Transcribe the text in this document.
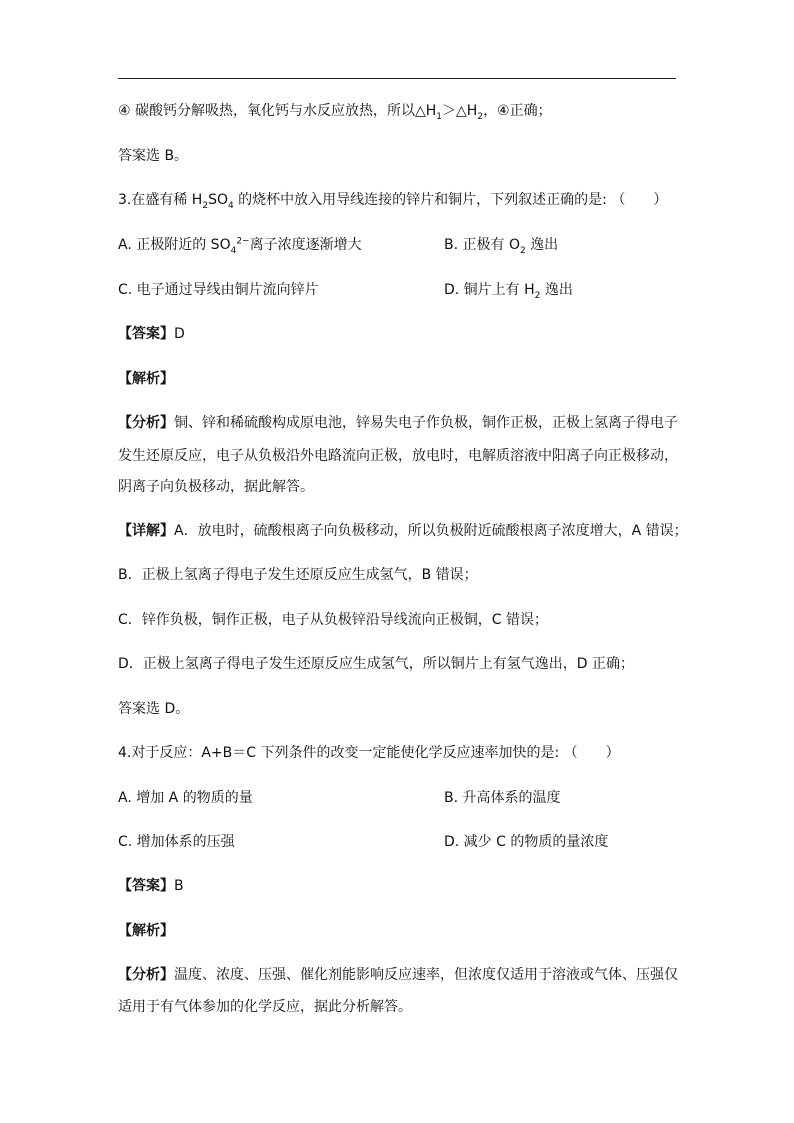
④ 碳酸钙分解吸热，氧化钙与水反应放热，所以$\triangle H_1>\triangle H_2$，④正确；
答案选 B。
3.在盛有稀 $H_2SO_4$ 的烧杯中放入用导线连接的锌片和铜片，下列叙述正确的是: （　　）
A. 正极附近的 $SO_4^{2-}$离子浓度逐渐增大	B. 正极有 $O_2$ 逸出
C. 电子通过导线由铜片流向锌片	D. 铜片上有 $H_2$ 逸出
【答案】D
【解析】
【分析】铜、锌和稀硫酸构成原电池，锌易失电子作负极，铜作正极，正极上氢离子得电子
发生还原反应，电子从负极沿外电路流向正极，放电时，电解质溶液中阳离子向正极移动，
阴离子向负极移动，据此解答。
【详解】A．放电时，硫酸根离子向负极移动，所以负极附近硫酸根离子浓度增大，A 错误；
B．正极上氢离子得电子发生还原反应生成氢气，B 错误；
C．锌作负极，铜作正极，电子从负极锌沿导线流向正极铜，C 错误；
D．正极上氢离子得电子发生还原反应生成氢气，所以铜片上有氢气逸出，D 正确；
答案选 D。
4.对于反应：A+B＝C 下列条件的改变一定能使化学反应速率加快的是: （　　）
A. 增加 A 的物质的量	B. 升高体系的温度
C. 增加体系的压强	D. 减少 C 的物质的量浓度
【答案】B
【解析】
【分析】温度、浓度、压强、催化剂能影响反应速率，但浓度仅适用于溶液或气体、压强仅
适用于有气体参加的化学反应，据此分析解答。
